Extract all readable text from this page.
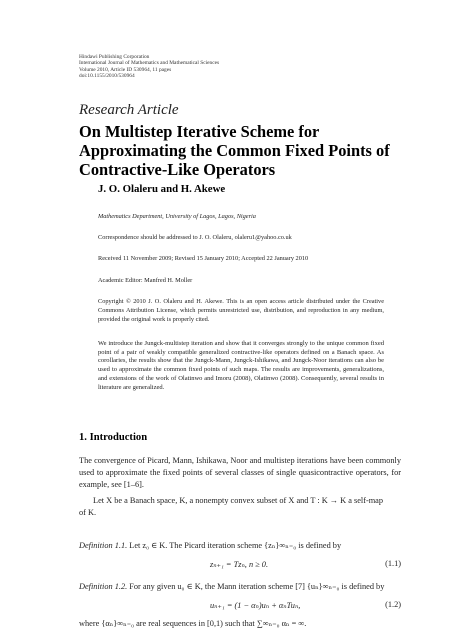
Hindawi Publishing Corporation
International Journal of Mathematics and Mathematical Sciences
Volume 2010, Article ID 530964, 11 pages
doi:10.1155/2010/530964
Research Article
On Multistep Iterative Scheme for
Approximating the Common Fixed Points of
Contractive-Like Operators
J. O. Olaleru and H. Akewe
Mathematics Department, University of Lagos, Lagos, Nigeria
Correspondence should be addressed to J. O. Olaleru, olaleru1@yahoo.co.uk
Received 11 November 2009; Revised 15 January 2010; Accepted 22 January 2010
Academic Editor: Manfred H. Moller
Copyright © 2010 J. O. Olaleru and H. Akewe. This is an open access article distributed under the Creative Commons Attribution License, which permits unrestricted use, distribution, and reproduction in any medium, provided the original work is properly cited.
We introduce the Jungck-multistep iteration and show that it converges strongly to the unique common fixed point of a pair of weakly compatible generalized contractive-like operators defined on a Banach space. As corollaries, the results show that the Jungck-Mann, Jungck-Ishikawa, and Jungck-Noor iterations can also be used to approximate the common fixed points of such maps. The results are improvements, generalizations, and extensions of the work of Olatinwo and Imoru (2008), Olatinwo (2008). Consequently, several results in literature are generalized.
1. Introduction
The convergence of Picard, Mann, Ishikawa, Noor and multistep iterations have been commonly used to approximate the fixed points of several classes of single quasicontractive operators, for example, see [1–6].
Let X be a Banach space, K, a nonempty convex subset of X and T : K → K a self-map
of K.
Definition 1.1. Let z₀ ∈ K. The Picard iteration scheme {zₙ}∞ₙ₌₀ is defined by
zₙ₊₁ = Tzₙ, n ≥ 0.	(1.1)
Definition 1.2. For any given u₀ ∈ K, the Mann iteration scheme [7] {uₙ}∞ₙ₌₀ is defined by
uₙ₊₁ = (1 − αₙ)uₙ + αₙTuₙ,	(1.2)
where {αₙ}∞ₙ₌₀ are real sequences in [0,1) such that ∑∞ₙ₌₀ αₙ = ∞.
